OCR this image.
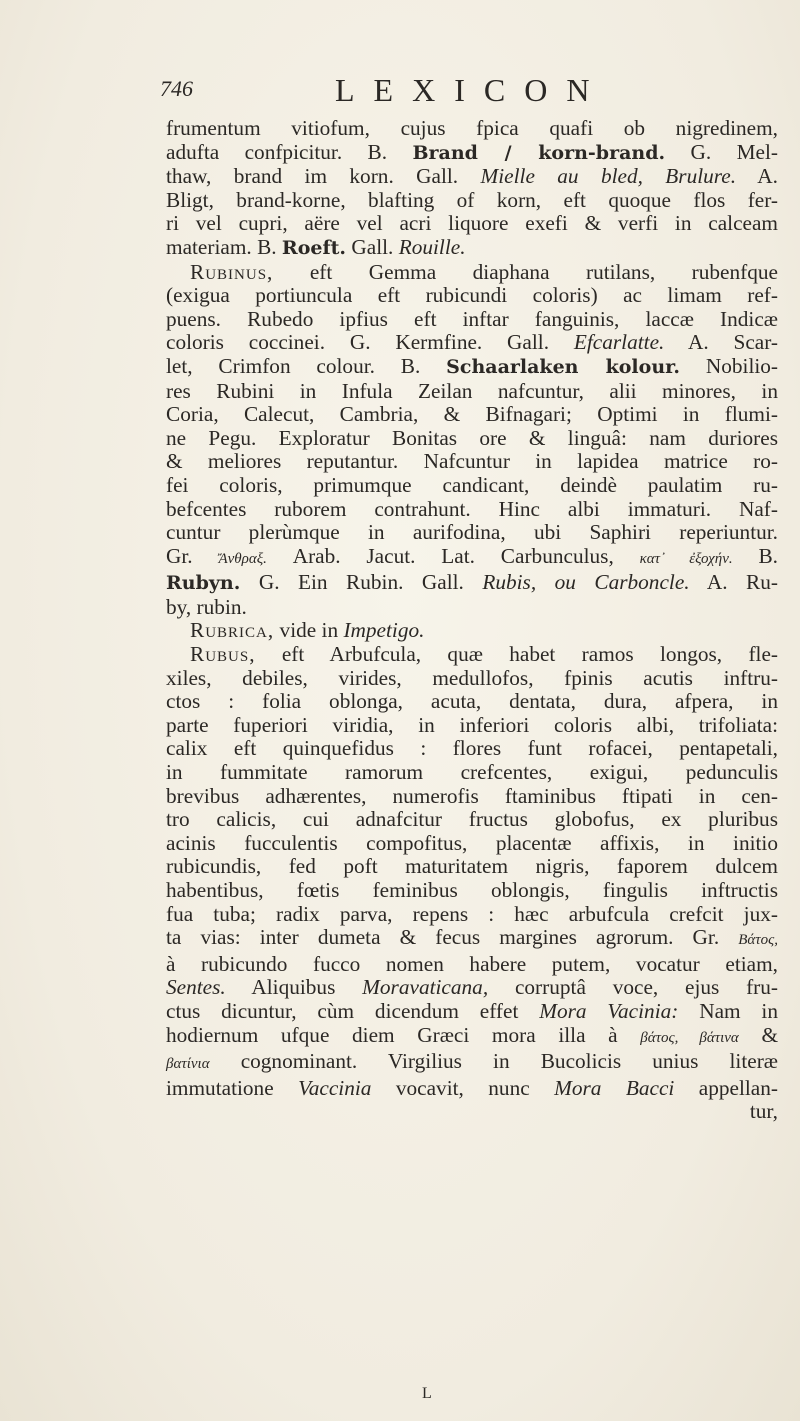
746	LEXICON
frumentum vitiofum, cujus fpica quafi ob nigredinem,
adufta confpicitur. B. Brand / korn-brand. G. Mel-
thaw, brand im korn. Gall. Mielle au bled, Brulure. A.
Bligt, brand-korne, blafting of korn, eft quoque flos fer-
ri vel cupri, aëre vel acri liquore exefi & verfi in calceam
materiam. B. Roeft. Gall. Rouille.
Rubinus, eft Gemma diaphana rutilans, rubenfque
(exigua portiuncula eft rubicundi coloris) ac limam ref-
puens. Rubedo ipfius eft inftar fanguinis, laccæ Indicæ
coloris coccinei. G. Kermfine. Gall. Efcarlatte. A. Scar-
let, Crimfon colour. B. Schaarlaken kolour. Nobilio-
res Rubini in Infula Zeilan nafcuntur, alii minores, in
Coria, Calecut, Cambria, & Bifnagari; Optimi in flumi-
ne Pegu. Exploratur Bonitas ore & linguâ: nam duriores
& meliores reputantur. Nafcuntur in lapidea matrice ro-
fei coloris, primumque candicant, deindè paulatim ru-
befcentes ruborem contrahunt. Hinc albi immaturi. Naf-
cuntur plerùmque in aurifodina, ubi Saphiri reperiuntur.
Gr. Ἄνθραξ. Arab. Jacut. Lat. Carbunculus, κατ᾽ ἐξοχήν. B.
Rubyn. G. Ein Rubin. Gall. Rubis, ou Carboncle. A. Ru-
by, rubin.
Rubrica, vide in Impetigo.
Rubus, eft Arbufcula, quæ habet ramos longos, fle-
xiles, debiles, virides, medullofos, fpinis acutis inftru-
ctos : folia oblonga, acuta, dentata, dura, afpera, in
parte fuperiori viridia, in inferiori coloris albi, trifoliata:
calix eft quinquefidus : flores funt rofacei, pentapetali,
in fummitate ramorum crefcentes, exigui, pedunculis
brevibus adhærentes, numerofis ftaminibus ftipati in cen-
tro calicis, cui adnafcitur fructus globofus, ex pluribus
acinis fucculentis compofitus, placentæ affixis, in initio
rubicundis, fed poft maturitatem nigris, faporem dulcem
habentibus, fœtis feminibus oblongis, fingulis inftructis
fua tuba; radix parva, repens : hæc arbufcula crefcit jux-
ta vias: inter dumeta & fecus margines agrorum. Gr. Βάτος,
à rubicundo fucco nomen habere putem, vocatur etiam,
Sentes. Aliquibus Moravaticana, corruptâ voce, ejus fru-
ctus dicuntur, cùm dicendum effet Mora Vacinia: Nam in
hodiernum ufque diem Græci mora illa à βάτος, βάτινα &
βατίνια cognominant. Virgilius in Bucolicis unius literæ
immutatione Vaccinia vocavit, nunc Mora Bacci appellan-
tur,
L
